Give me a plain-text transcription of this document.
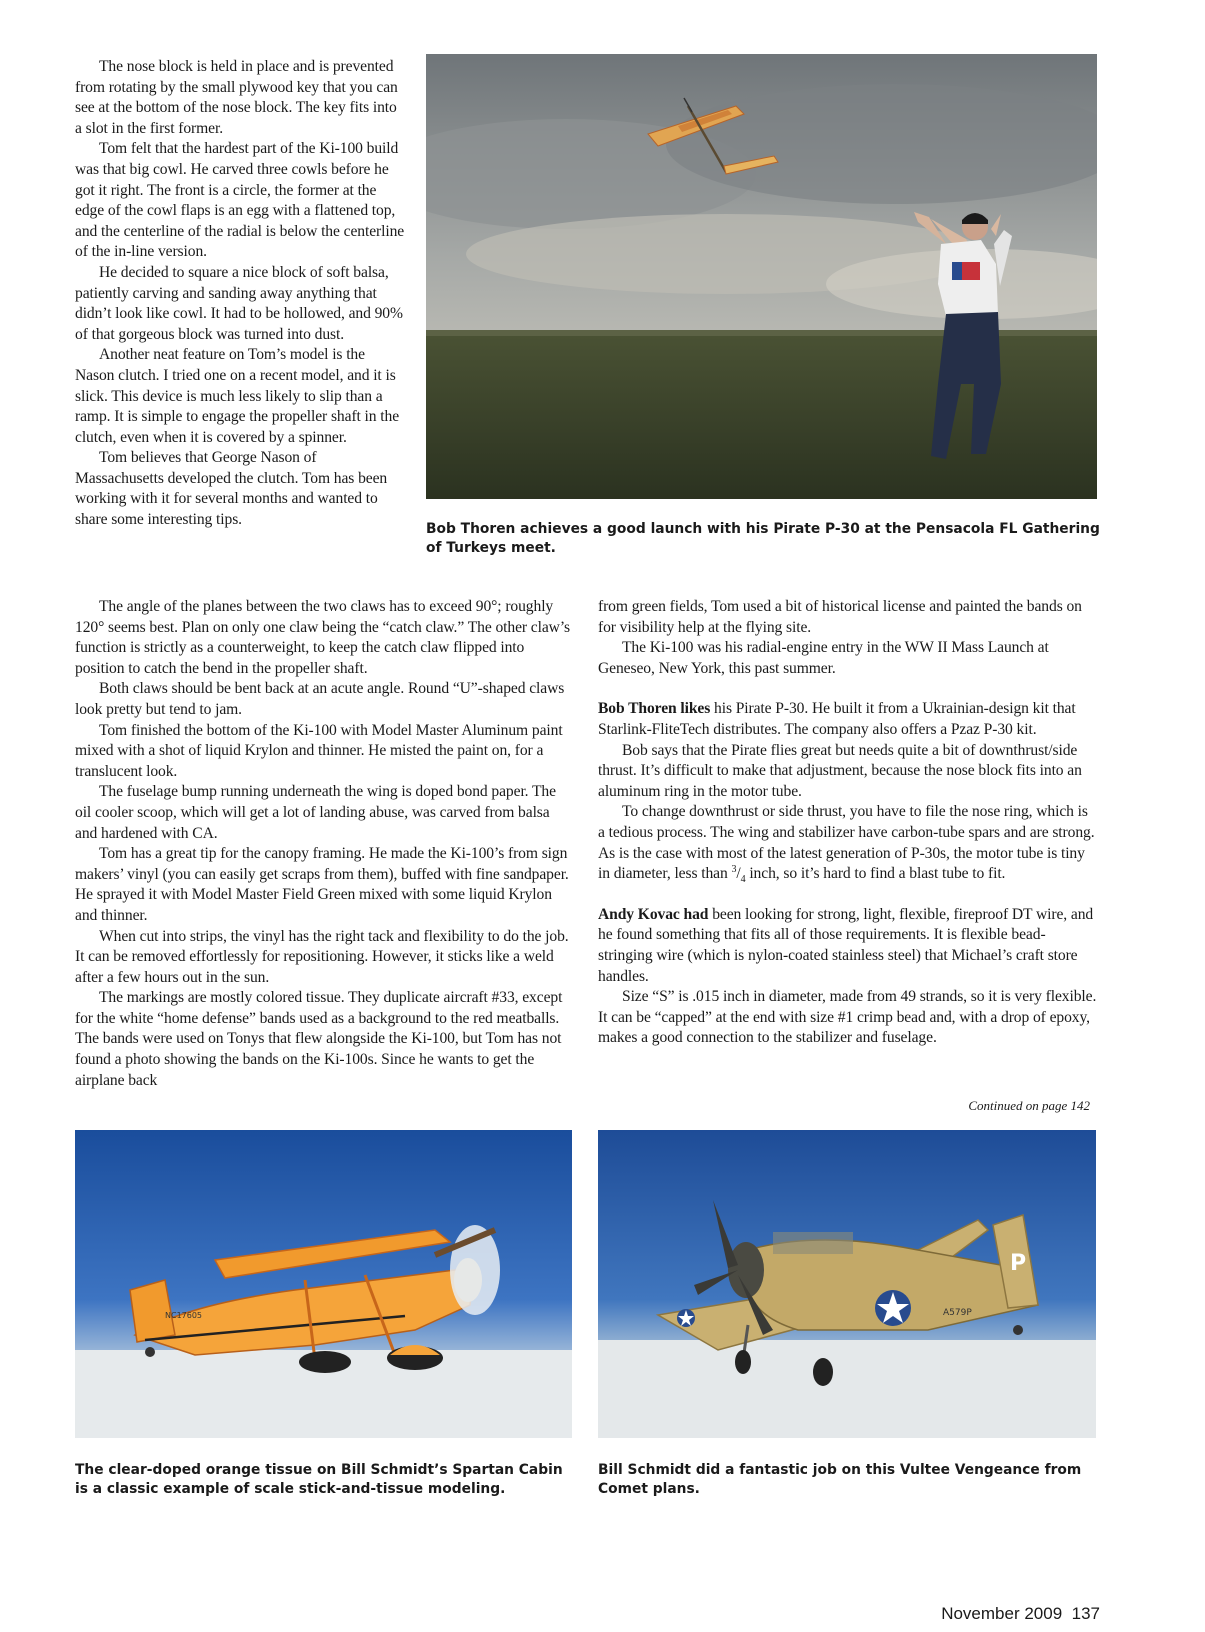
The nose block is held in place and is prevented from rotating by the small plywood key that you can see at the bottom of the nose block. The key fits into a slot in the first former.

Tom felt that the hardest part of the Ki-100 build was that big cowl. He carved three cowls before he got it right. The front is a circle, the former at the edge of the cowl flaps is an egg with a flattened top, and the centerline of the radial is below the centerline of the in-line version.

He decided to square a nice block of soft balsa, patiently carving and sanding away anything that didn’t look like cowl. It had to be hollowed, and 90% of that gorgeous block was turned into dust.

Another neat feature on Tom’s model is the Nason clutch. I tried one on a recent model, and it is slick. This device is much less likely to slip than a ramp. It is simple to engage the propeller shaft in the clutch, even when it is covered by a spinner.

Tom believes that George Nason of Massachusetts developed the clutch. Tom has been working with it for several months and wanted to share some interesting tips.

Bob Thoren achieves a good launch with his Pirate P-30 at the Pensacola FL Gathering of Turkeys meet.

The angle of the planes between the two claws has to exceed 90°; roughly 120° seems best. Plan on only one claw being the “catch claw.” The other claw’s function is strictly as a counterweight, to keep the catch claw flipped into position to catch the bend in the propeller shaft.

Both claws should be bent back at an acute angle. Round “U”-shaped claws look pretty but tend to jam.

Tom finished the bottom of the Ki-100 with Model Master Aluminum paint mixed with a shot of liquid Krylon and thinner. He misted the paint on, for a translucent look.

The fuselage bump running underneath the wing is doped bond paper. The oil cooler scoop, which will get a lot of landing abuse, was carved from balsa and hardened with CA.

Tom has a great tip for the canopy framing. He made the Ki-100’s from sign makers’ vinyl (you can easily get scraps from them), buffed with fine sandpaper. He sprayed it with Model Master Field Green mixed with some liquid Krylon and thinner.

When cut into strips, the vinyl has the right tack and flexibility to do the job. It can be removed effortlessly for repositioning. However, it sticks like a weld after a few hours out in the sun.

The markings are mostly colored tissue. They duplicate aircraft #33, except for the white “home defense” bands used as a background to the red meatballs. The bands were used on Tonys that flew alongside the Ki-100, but Tom has not found a photo showing the bands on the Ki-100s. Since he wants to get the airplane back

from green fields, Tom used a bit of historical license and painted the bands on for visibility help at the flying site.

The Ki-100 was his radial-engine entry in the WW II Mass Launch at Geneseo, New York, this past summer.

Bob Thoren likes his Pirate P-30. He built it from a Ukrainian-design kit that Starlink-FliteTech distributes. The company also offers a Pzaz P-30 kit.

Bob says that the Pirate flies great but needs quite a bit of downthrust/side thrust. It’s difficult to make that adjustment, because the nose block fits into an aluminum ring in the motor tube.

To change downthrust or side thrust, you have to file the nose ring, which is a tedious process. The wing and stabilizer have carbon-tube spars and are strong. As is the case with most of the latest generation of P-30s, the motor tube is tiny in diameter, less than $^3/_4$ inch, so it’s hard to find a blast tube to fit.

Andy Kovac had been looking for strong, light, flexible, fireproof DT wire, and he found something that fits all of those requirements. It is flexible bead-stringing wire (which is nylon-coated stainless steel) that Michael’s craft store handles.

Size “S” is .015 inch in diameter, made from 49 strands, so it is very flexible. It can be “capped” at the end with size #1 crimp bead and, with a drop of epoxy, makes a good connection to the stabilizer and fuselage.

Continued on page 142
NC17605
The clear-doped orange tissue on Bill Schmidt’s Spartan Cabin is a classic example of scale stick-and-tissue modeling.
P
A579P
Bill Schmidt did a fantastic job on this Vultee Vengeance from Comet plans.
November 2009 137
